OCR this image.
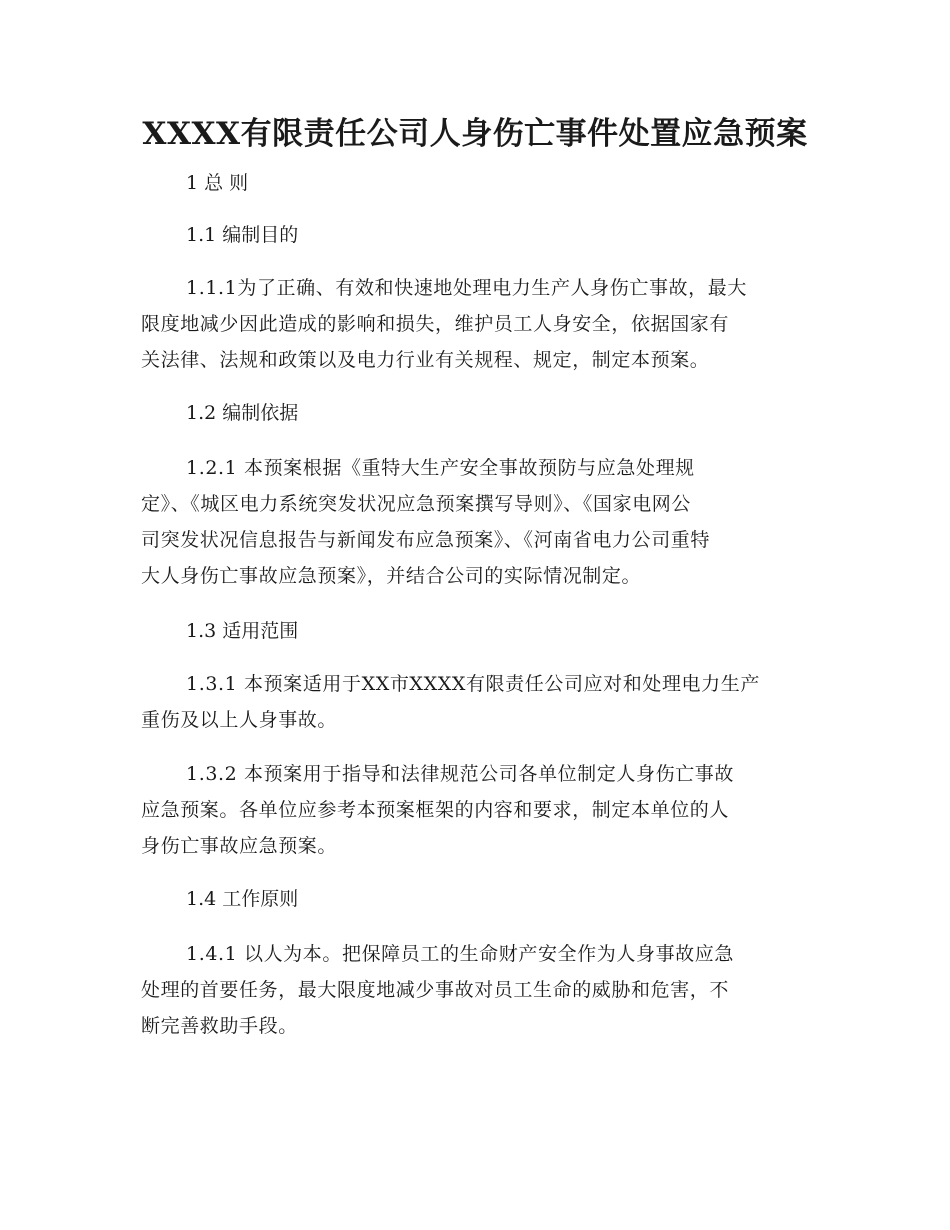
XXXX有限责任公司人身伤亡事件处置应急预案
1 总 则
1.1 编制目的
1.1.1为了正确、有效和快速地处理电力生产人身伤亡事故，最大
限度地减少因此造成的影响和损失，维护员工人身安全，依据国家有
关法律、法规和政策以及电力行业有关规程、规定，制定本预案。
1.2 编制依据
1.2.1 本预案根据《重特大生产安全事故预防与应急处理规
定》、《城区电力系统突发状况应急预案撰写导则》、《国家电网公
司突发状况信息报告与新闻发布应急预案》、《河南省电力公司重特
大人身伤亡事故应急预案》，并结合公司的实际情况制定。
1.3 适用范围
1.3.1 本预案适用于XX市XXXX有限责任公司应对和处理电力生产
重伤及以上人身事故。
1.3.2 本预案用于指导和法律规范公司各单位制定人身伤亡事故
应急预案。各单位应参考本预案框架的内容和要求，制定本单位的人
身伤亡事故应急预案。
1.4 工作原则
1.4.1 以人为本。把保障员工的生命财产安全作为人身事故应急
处理的首要任务，最大限度地减少事故对员工生命的威胁和危害，不
断完善救助手段。
